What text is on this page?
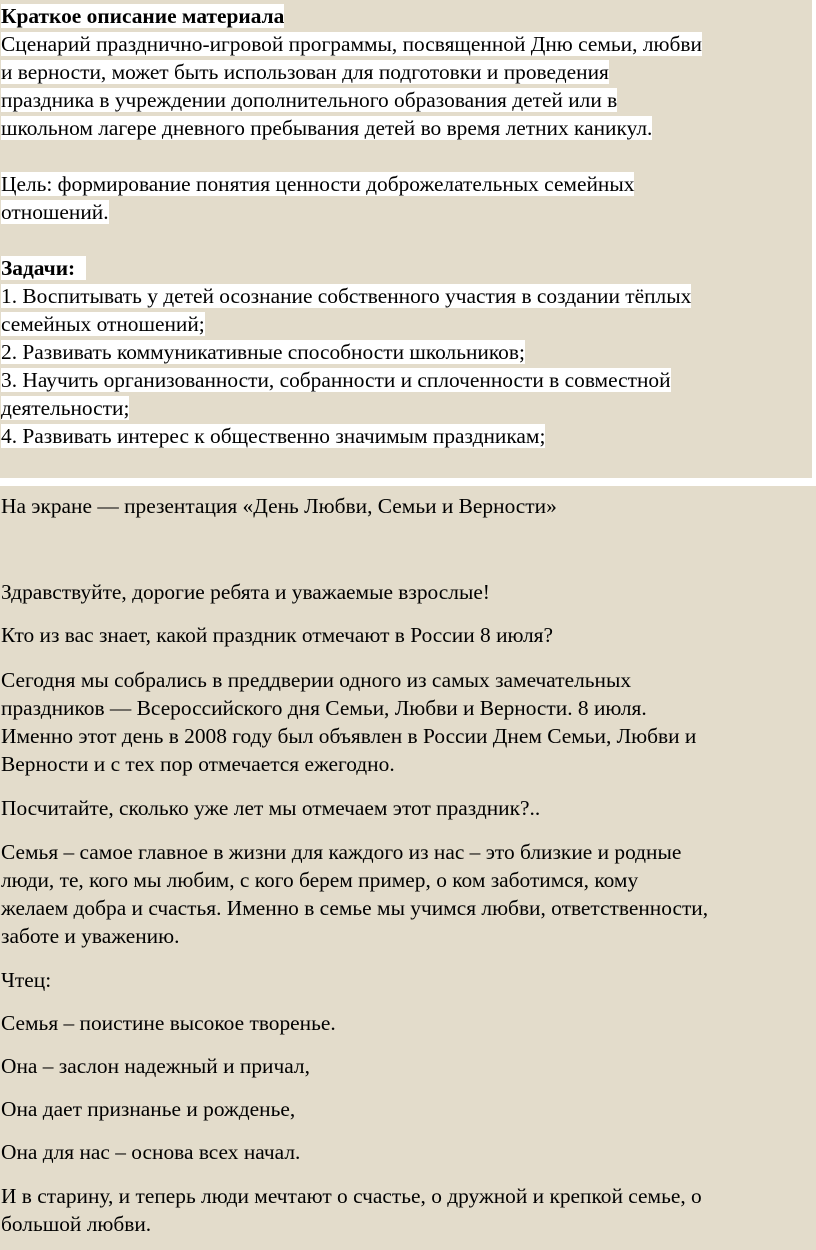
Краткое описание материала
Сценарий празднично-игровой программы, посвященной Дню семьи, любви
и верности, может быть использован для подготовки и проведения
праздника в учреждении дополнительного образования детей или в
школьном лагере дневного пребывания детей во время летних каникул.
Цель: формирование понятия ценности доброжелательных семейных
отношений.
Задачи:
1. Воспитывать у детей осознание собственного участия в создании тёплых
семейных отношений;
2. Развивать коммуникативные способности школьников;
3. Научить организованности, собранности и сплоченности в совместной
деятельности;
4. Развивать интерес к общественно значимым праздникам;
На экране — презентация «День Любви, Семьи и Верности»
Здравствуйте, дорогие ребята и уважаемые взрослые!
Кто из вас знает, какой праздник отмечают в России 8 июля?
Сегодня мы собрались в преддверии одного из самых замечательных
праздников — Всероссийского дня Семьи, Любви и Верности. 8 июля.
Именно этот день в 2008 году был объявлен в России Днем Семьи, Любви и
Верности и с тех пор отмечается ежегодно.
Посчитайте, сколько уже лет мы отмечаем этот праздник?..
Семья – самое главное в жизни для каждого из нас – это близкие и родные
люди, те, кого мы любим, с кого берем пример, о ком заботимся, кому
желаем добра и счастья. Именно в семье мы учимся любви, ответственности,
заботе и уважению.
Чтец:
Семья – поистине высокое творенье.
Она – заслон надежный и причал,
Она дает признанье и рожденье,
Она для нас – основа всех начал.
И в старину, и теперь люди мечтают о счастье, о дружной и крепкой семье, о
большой любви.
